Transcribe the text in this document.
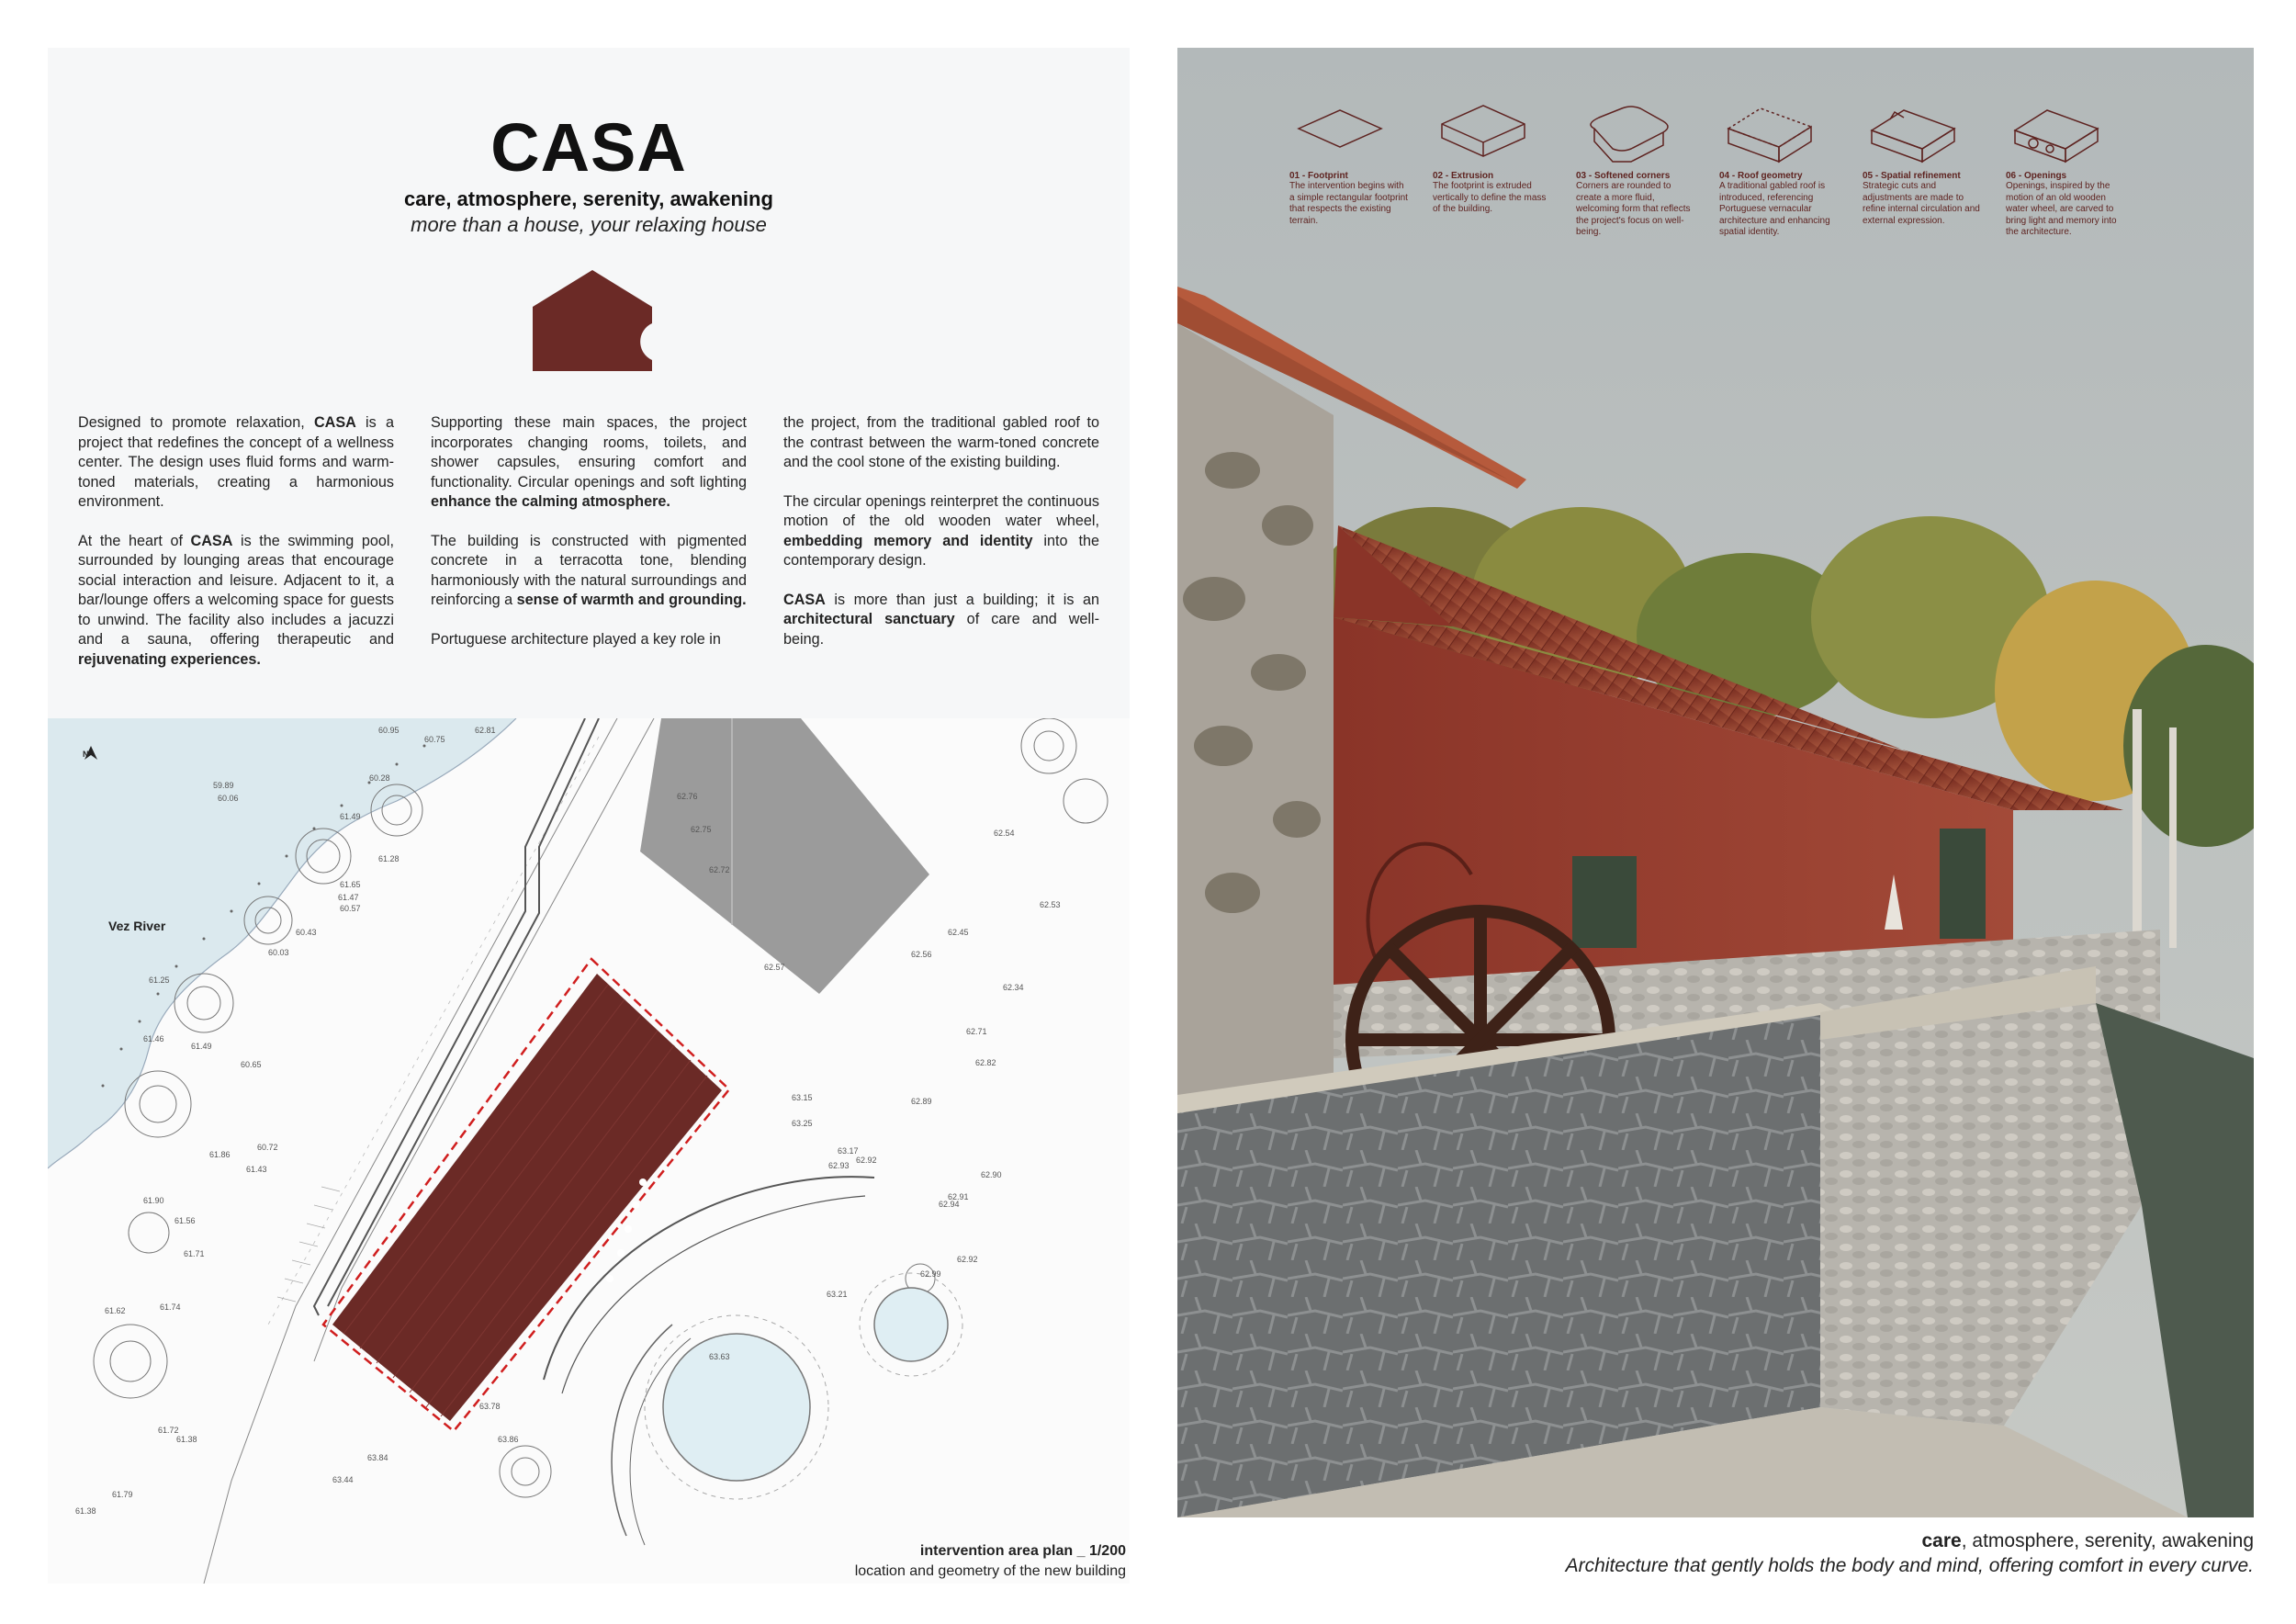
CASA
care, atmosphere, serenity, awakening
more than a house, your relaxing house

Designed to promote relaxation, CASA is a project that redefines the concept of a wellness center. The design uses fluid forms and warm-toned materials, creating a harmonious environment.

At the heart of CASA is the swimming pool, surrounded by lounging areas that encourage social interaction and leisure. Adjacent to it, a bar/lounge offers a welcoming space for guests to unwind. The facility also includes a jacuzzi and a sauna, offering therapeutic and rejuvenating experiences.

Supporting these main spaces, the project incorporates changing rooms, toilets, and shower capsules, ensuring comfort and functionality. Circular openings and soft lighting enhance the calming atmosphere.

The building is constructed with pigmented concrete in a terracotta tone, blending harmoniously with the natural surroundings and reinforcing a sense of warmth and grounding.

Portuguese architecture played a key role in

the project, from the traditional gabled roof to the contrast between the warm-toned concrete and the cool stone of the existing building.

The circular openings reinterpret the continuous motion of the old wooden water wheel, embedding memory and identity into the contemporary design.

CASA is more than just a building; it is an architectural sanctuary of care and well-being.

N
Vez River
60.95
60.75
60.28
59.89
60.06
61.49
61.28
61.65
61.47
60.57
60.43
60.03
61.25
61.46
61.49
60.65
61.43
60.72
61.86
61.90
61.56
61.71
61.62	61.74
61.72
61.38
61.79
61.38
62.81
62.76
62.75
62.72
62.54
62.53
62.45
62.34
62.56
62.57
62.71
62.82
62.89
63.15
63.25
63.17
62.93
62.92
62.90
62.91
62.94
62.92
62.99
63.21
63.63
63.78
63.86
63.84
63.44
intervention area plan _ 1/200
location and geometry of the new building
01 - Footprint
The intervention begins with a simple rectangular footprint that respects the existing terrain.
02 - Extrusion
The footprint is extruded vertically to define the mass of the building.
03 - Softened corners
Corners are rounded to create a more fluid, welcoming form that reflects the project's focus on well-being.
04 - Roof geometry
A traditional gabled roof is introduced, referencing Portuguese vernacular architecture and enhancing spatial identity.
05 - Spatial refinement
Strategic cuts and adjustments are made to refine internal circulation and external expression.
06 - Openings
Openings, inspired by the motion of an old wooden water wheel, are carved to bring light and memory into the architecture.
care, atmosphere, serenity, awakening
Architecture that gently holds the body and mind, offering comfort in every curve.
